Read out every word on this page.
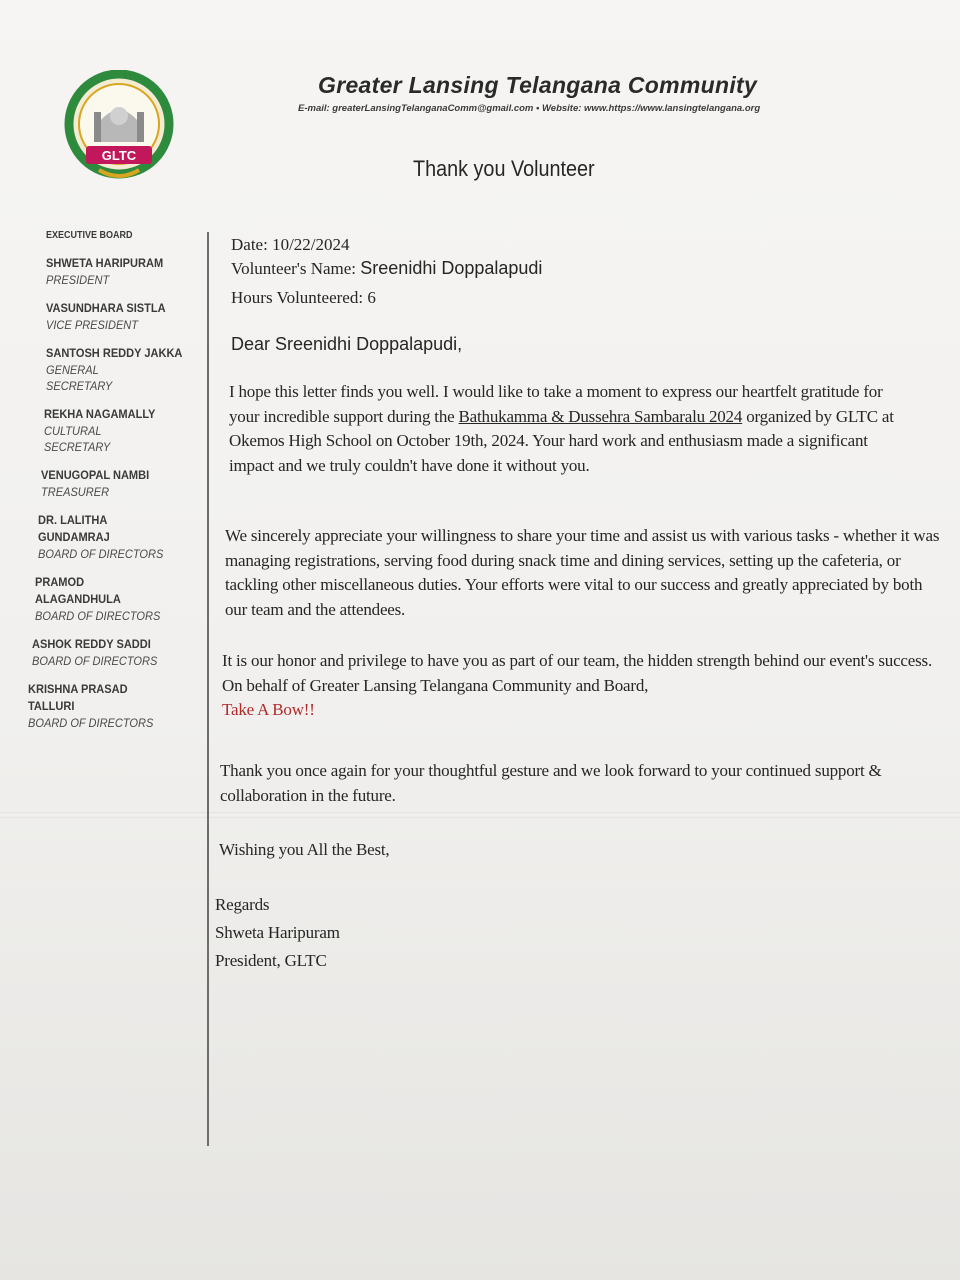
GLTC
Greater Lansing Telangana Community
E-mail: greaterLansingTelanganaComm@gmail.com • Website: www.https://www.lansingtelangana.org
Thank you Volunteer
EXECUTIVE BOARD
SHWETA HARIPURAM
PRESIDENT
VASUNDHARA SISTLA
VICE PRESIDENT
SANTOSH REDDY JAKKA
GENERAL
SECRETARY
REKHA NAGAMALLY
CULTURAL
SECRETARY
VENUGOPAL NAMBI
TREASURER
DR. LALITHA
GUNDAMRAJ
BOARD OF DIRECTORS
PRAMOD
ALAGANDHULA
BOARD OF DIRECTORS
ASHOK REDDY SADDI
BOARD OF DIRECTORS
KRISHNA PRASAD
TALLURI
BOARD OF DIRECTORS
Date: 10/22/2024
Volunteer's Name: Sreenidhi Doppalapudi
Hours Volunteered: 6
Dear Sreenidhi Doppalapudi,
I hope this letter finds you well. I would like to take a moment to express our heartfelt gratitude for your incredible support during the Bathukamma & Dussehra Sambaralu 2024 organized by GLTC at Okemos High School on October 19th, 2024. Your hard work and enthusiasm made a significant impact and we truly couldn't have done it without you.
We sincerely appreciate your willingness to share your time and assist us with various tasks - whether it was managing registrations, serving food during snack time and dining services, setting up the cafeteria, or tackling other miscellaneous duties. Your efforts were vital to our success and greatly appreciated by both our team and the attendees.
It is our honor and privilege to have you as part of our team, the hidden strength behind our event's success. On behalf of Greater Lansing Telangana Community and Board,
Take A Bow!!
Thank you once again for your thoughtful gesture and we look forward to your continued support & collaboration in the future.
Wishing you All the Best,
Regards
Shweta Haripuram
President, GLTC
